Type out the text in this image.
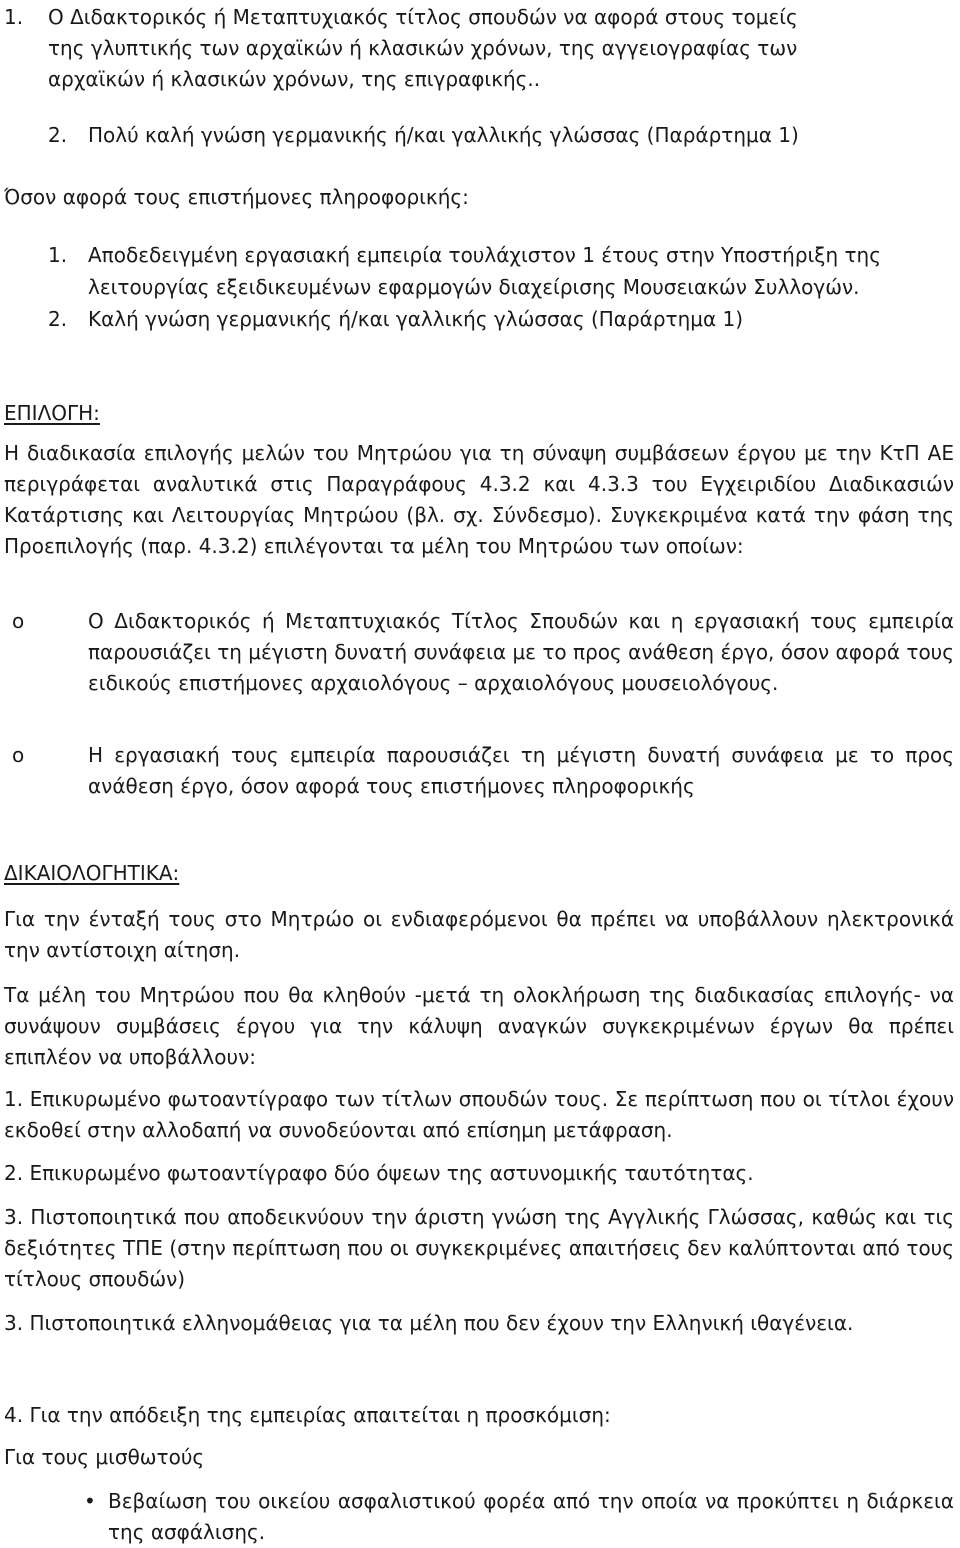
1. Ο Διδακτορικός ή Μεταπτυχιακός τίτλος σπουδών να αφορά στους τομείς
της γλυπτικής των αρχαϊκών ή κλασικών χρόνων, της αγγειογραφίας των
αρχαϊκών ή κλασικών χρόνων, της επιγραφικής..
2. Πολύ καλή γνώση γερμανικής ή/και γαλλικής γλώσσας (Παράρτημα 1)
Όσον αφορά τους επιστήμονες πληροφορικής:
1. Αποδεδειγμένη εργασιακή εμπειρία τουλάχιστον 1 έτους στην Υποστήριξη της
λειτουργίας εξειδικευμένων εφαρμογών διαχείρισης Μουσειακών Συλλογών.
2. Καλή γνώση γερμανικής ή/και γαλλικής γλώσσας (Παράρτημα 1)
ΕΠΙΛΟΓΗ:
Η διαδικασία επιλογής μελών του Μητρώου για τη σύναψη συμβάσεων έργου με την ΚτΠ ΑΕ περιγράφεται αναλυτικά στις Παραγράφους 4.3.2 και 4.3.3 του Εγχειριδίου Διαδικασιών Κατάρτισης και Λειτουργίας Μητρώου (βλ. σχ. Σύνδεσμο). Συγκεκριμένα κατά την φάση της Προεπιλογής (παρ. 4.3.2) επιλέγονται τα μέλη του Μητρώου των οποίων:
o	Ο Διδακτορικός ή Μεταπτυχιακός Τίτλος Σπουδών και η εργασιακή τους εμπειρία παρουσιάζει τη μέγιστη δυνατή συνάφεια με το προς ανάθεση έργο, όσον αφορά τους ειδικούς επιστήμονες αρχαιολόγους – αρχαιολόγους μουσειολόγους.
o	Η εργασιακή τους εμπειρία παρουσιάζει τη μέγιστη δυνατή συνάφεια με το προς ανάθεση έργο, όσον αφορά τους επιστήμονες πληροφορικής
ΔΙΚΑΙΟΛΟΓΗΤΙΚΑ:
Για την ένταξή τους στο Μητρώο οι ενδιαφερόμενοι θα πρέπει να υποβάλλουν ηλεκτρονικά την αντίστοιχη αίτηση.
Τα μέλη του Μητρώου που θα κληθούν -μετά τη ολοκλήρωση της διαδικασίας επιλογής- να συνάψουν συμβάσεις έργου για την κάλυψη αναγκών συγκεκριμένων έργων θα πρέπει επιπλέον να υποβάλλουν:
1. Επικυρωμένο φωτοαντίγραφο των τίτλων σπουδών τους. Σε περίπτωση που οι τίτλοι έχουν εκδοθεί στην αλλοδαπή να συνοδεύονται από επίσημη μετάφραση.
2. Επικυρωμένο φωτοαντίγραφο δύο όψεων της αστυνομικής ταυτότητας.
3. Πιστοποιητικά που αποδεικνύουν την άριστη γνώση της Αγγλικής Γλώσσας, καθώς και τις δεξιότητες ΤΠΕ (στην περίπτωση που οι συγκεκριμένες απαιτήσεις δεν καλύπτονται από τους τίτλους σπουδών)
3. Πιστοποιητικά ελληνομάθειας για τα μέλη που δεν έχουν την Ελληνική ιθαγένεια.
4. Για την απόδειξη της εμπειρίας απαιτείται η προσκόμιση:
Για τους μισθωτούς
• Βεβαίωση του οικείου ασφαλιστικού φορέα από την οποία να προκύπτει η διάρκεια της ασφάλισης.
